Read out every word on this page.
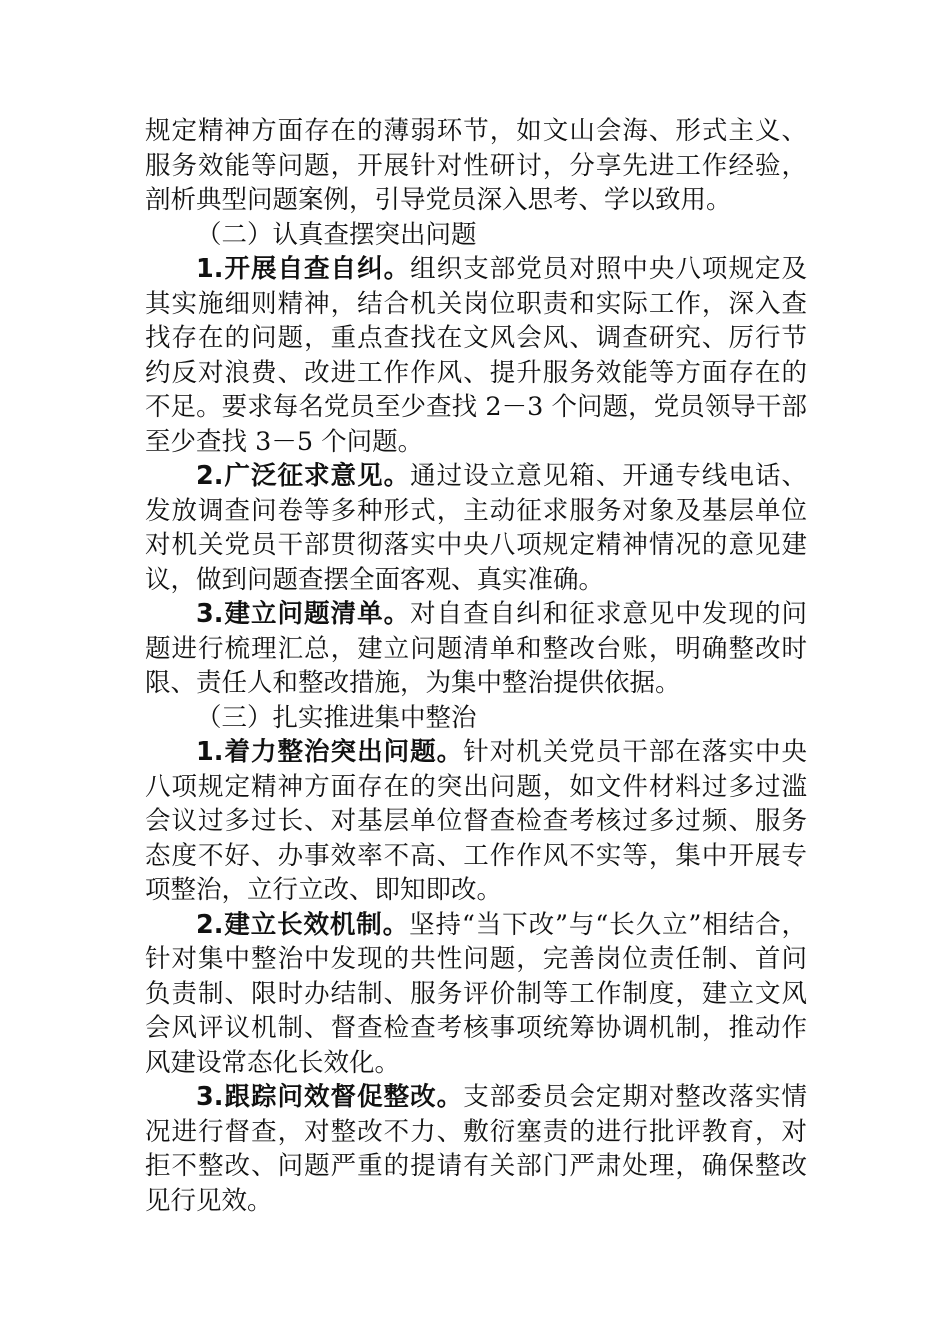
规定精神方面存在的薄弱环节，如文山会海、形式主义、服务效能等问题，开展针对性研讨，分享先进工作经验，剖析典型问题案例，引导党员深入思考、学以致用。

（二）认真查摆突出问题

1.开展自查自纠。组织支部党员对照中央八项规定及其实施细则精神，结合机关岗位职责和实际工作，深入查找存在的问题，重点查找在文风会风、调查研究、厉行节约反对浪费、改进工作作风、提升服务效能等方面存在的不足。要求每名党员至少查找 2－3 个问题，党员领导干部至少查找 3－5 个问题。

2.广泛征求意见。通过设立意见箱、开通专线电话、发放调查问卷等多种形式，主动征求服务对象及基层单位对机关党员干部贯彻落实中央八项规定精神情况的意见建议，做到问题查摆全面客观、真实准确。

3.建立问题清单。对自查自纠和征求意见中发现的问题进行梳理汇总，建立问题清单和整改台账，明确整改时限、责任人和整改措施，为集中整治提供依据。

（三）扎实推进集中整治

1.着力整治突出问题。针对机关党员干部在落实中央八项规定精神方面存在的突出问题，如文件材料过多过滥会议过多过长、对基层单位督查检查考核过多过频、服务态度不好、办事效率不高、工作作风不实等，集中开展专项整治，立行立改、即知即改。

2.建立长效机制。坚持“当下改”与“长久立”相结合，针对集中整治中发现的共性问题，完善岗位责任制、首问负责制、限时办结制、服务评价制等工作制度，建立文风会风评议机制、督查检查考核事项统筹协调机制，推动作风建设常态化长效化。

3.跟踪问效督促整改。支部委员会定期对整改落实情况进行督查，对整改不力、敷衍塞责的进行批评教育，对拒不整改、问题严重的提请有关部门严肃处理，确保整改见行见效。
